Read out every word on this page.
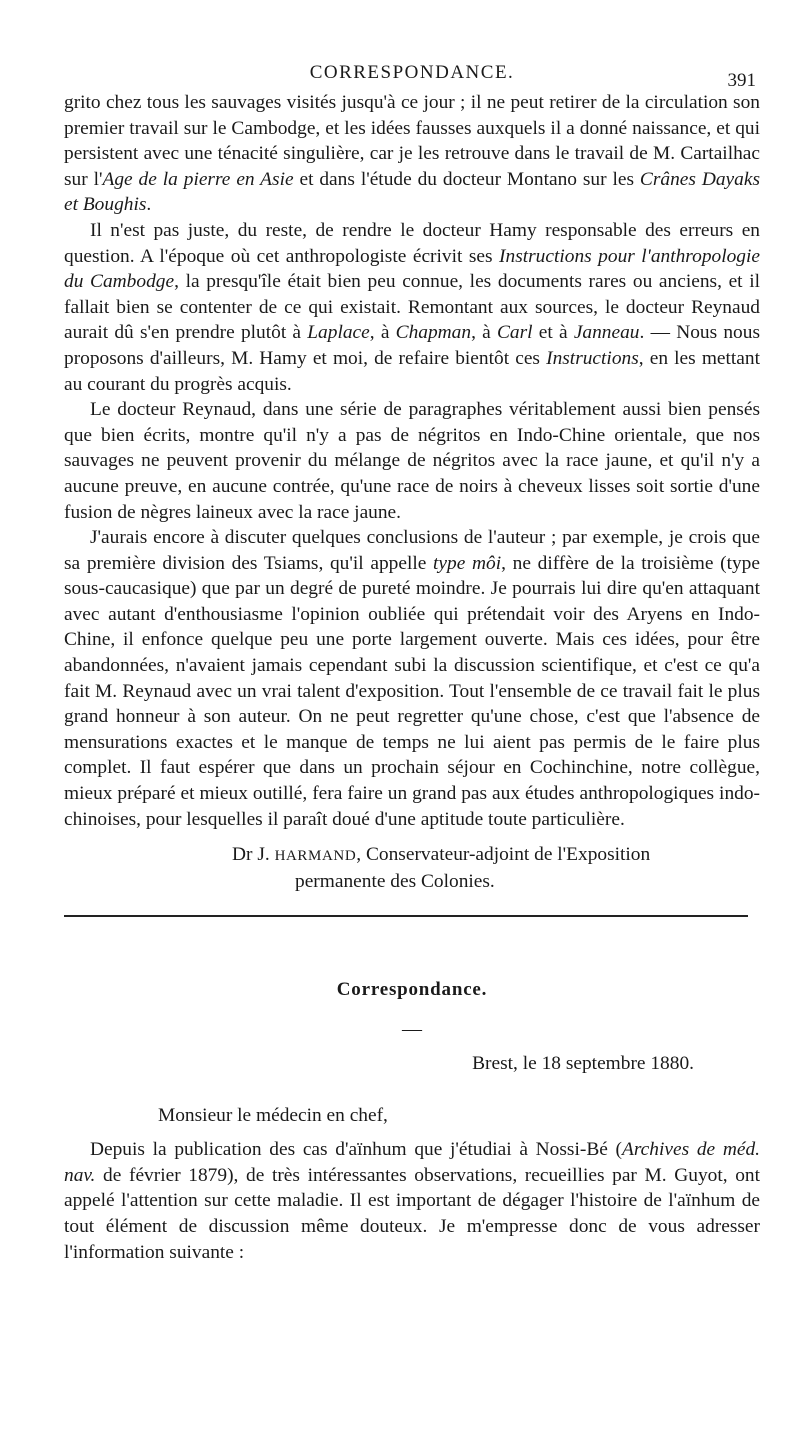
CORRESPONDANCE.	391

grito chez tous les sauvages visités jusqu'à ce jour ; il ne peut retirer de la circulation son premier travail sur le Cambodge, et les idées fausses auxquels il a donné naissance, et qui persistent avec une ténacité singulière, car je les retrouve dans le travail de M. Cartailhac sur l'Age de la pierre en Asie et dans l'étude du docteur Montano sur les Crânes Dayaks et Boughis.

Il n'est pas juste, du reste, de rendre le docteur Hamy responsable des erreurs en question. A l'époque où cet anthropologiste écrivit ses Instructions pour l'anthropologie du Cambodge, la presqu'île était bien peu connue, les documents rares ou anciens, et il fallait bien se contenter de ce qui existait. Remontant aux sources, le docteur Reynaud aurait dû s'en prendre plutôt à Laplace, à Chapman, à Carl et à Janneau. — Nous nous proposons d'ailleurs, M. Hamy et moi, de refaire bientôt ces Instructions, en les mettant au courant du progrès acquis.

Le docteur Reynaud, dans une série de paragraphes véritablement aussi bien pensés que bien écrits, montre qu'il n'y a pas de négritos en Indo-Chine orientale, que nos sauvages ne peuvent provenir du mélange de négritos avec la race jaune, et qu'il n'y a aucune preuve, en aucune contrée, qu'une race de noirs à cheveux lisses soit sortie d'une fusion de nègres laineux avec la race jaune.

J'aurais encore à discuter quelques conclusions de l'auteur ; par exemple, je crois que sa première division des Tsiams, qu'il appelle type môi, ne diffère de la troisième (type sous-caucasique) que par un degré de pureté moindre. Je pourrais lui dire qu'en attaquant avec autant d'enthousiasme l'opinion oubliée qui prétendait voir des Aryens en Indo-Chine, il enfonce quelque peu une porte largement ouverte. Mais ces idées, pour être abandonnées, n'avaient jamais cependant subi la discussion scientifique, et c'est ce qu'a fait M. Reynaud avec un vrai talent d'exposition. Tout l'ensemble de ce travail fait le plus grand honneur à son auteur. On ne peut regretter qu'une chose, c'est que l'absence de mensurations exactes et le manque de temps ne lui aient pas permis de le faire plus complet. Il faut espérer que dans un prochain séjour en Cochinchine, notre collègue, mieux préparé et mieux outillé, fera faire un grand pas aux études anthropologiques indo-chinoises, pour lesquelles il paraît doué d'une aptitude toute particulière.

Dr J. HARMAND, Conservateur-adjoint de l'Exposition
permanente des Colonies.
Correspondance.
—
Brest, le 18 septembre 1880.
Monsieur le médecin en chef,

Depuis la publication des cas d'aïnhum que j'étudiai à Nossi-Bé (Archives de méd. nav. de février 1879), de très intéressantes observations, recueillies par M. Guyot, ont appelé l'attention sur cette maladie. Il est important de dégager l'histoire de l'aïnhum de tout élément de discussion même douteux. Je m'empresse donc de vous adresser l'information suivante :
